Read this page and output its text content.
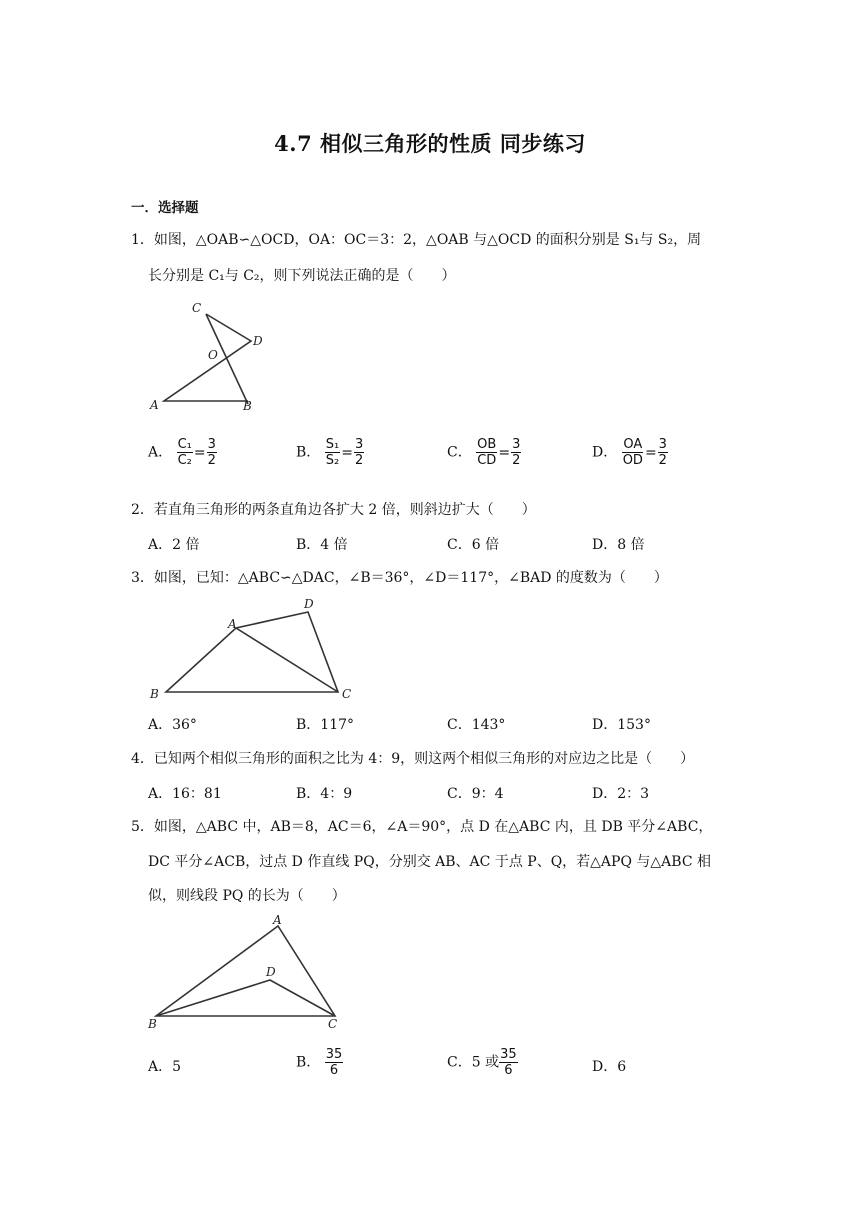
4.7 相似三角形的性质 同步练习
一．选择题
1．如图，△OAB∽△OCD，OA：OC＝3：2，△OAB 与△OCD 的面积分别是 S₁与 S₂，周
长分别是 C₁与 C₂，则下列说法正确的是（　　）
C
D
O
A	B
A． $\frac{\text{C₁}}{\text{C₂}} = \frac{3}{2}$	B． $\frac{\text{S₁}}{\text{S₂}} = \frac{3}{2}$	C． $\frac{OB}{CD} = \frac{3}{2}$	D． $\frac{OA}{OD} = \frac{3}{2}$
2．若直角三角形的两条直角边各扩大 2 倍，则斜边扩大（　　）
A．2 倍	B．4 倍	C．6 倍	D．8 倍
3．如图，已知：△ABC∽△DAC，∠B＝36°，∠D＝117°，∠BAD 的度数为（　　）
D
A
B	C
A．36°	B．117°	C．143°	D．153°
4．已知两个相似三角形的面积之比为 4：9，则这两个相似三角形的对应边之比是（　　）
A．16：81	B．4：9	C．9：4	D．2：3
5．如图，△ABC 中，AB＝8，AC＝6，∠A＝90°，点 D 在△ABC 内，且 DB 平分∠ABC，
DC 平分∠ACB，过点 D 作直线 PQ，分别交 AB、AC 于点 P、Q，若△APQ 与△ABC 相
似，则线段 PQ 的长为（　　）
A
D
B	C
A．5	B． $\frac{35}{6}$	C．5 或 $\frac{35}{6}$	D．6
